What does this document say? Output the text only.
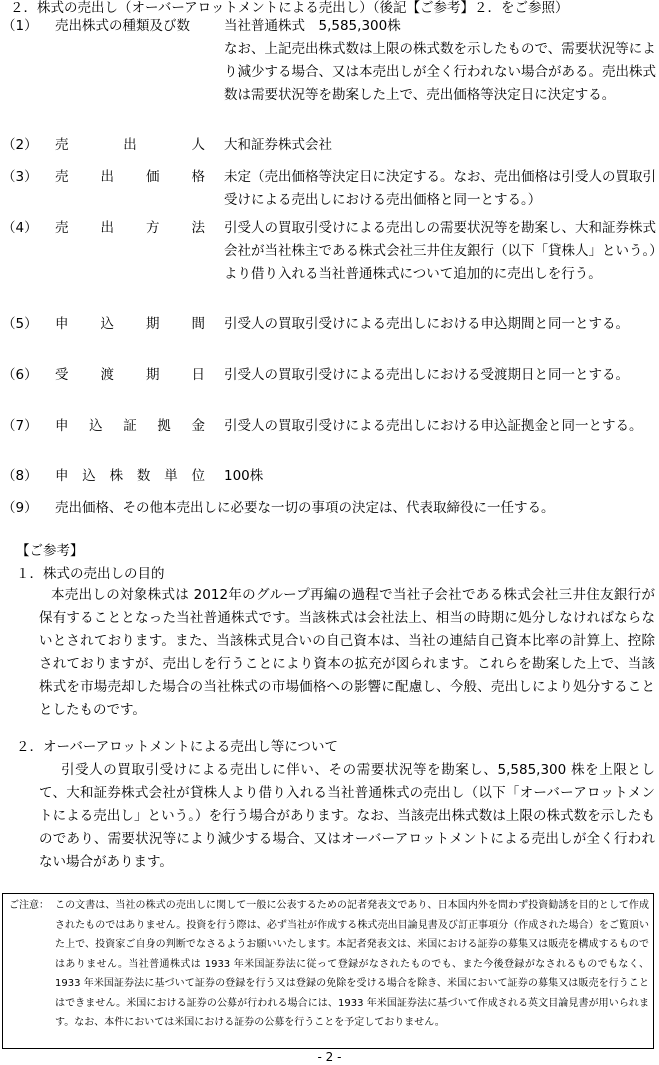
２．株式の売出し（オーバーアロットメントによる売出し）（後記【ご参考】２．をご参照）
（1） 売出株式の種類及び数	当社普通株式　5,585,300株
なお、上記売出株式数は上限の株式数を示したもので、需要状況等により減少する場合、又は本売出しが全く行われない場合がある。売出株式数は需要状況等を勘案した上で、売出価格等決定日に決定する。
（2） 売	出	人 大和証券株式会社
（3） 売 出 価 格 未定（売出価格等決定日に決定する。なお、売出価格は引受人の買取引受けによる売出しにおける売出価格と同一とする。）
（4） 売 出 方 法 引受人の買取引受けによる売出しの需要状況等を勘案し、大和証券株式会社が当社株主である株式会社三井住友銀行（以下「貸株人」という。）より借り入れる当社普通株式について追加的に売出しを行う。
（5） 申 込 期 間 引受人の買取引受けによる売出しにおける申込期間と同一とする。
（6） 受 渡 期 日 引受人の買取引受けによる売出しにおける受渡期日と同一とする。
（7） 申 込 証 拠 金 引受人の買取引受けによる売出しにおける申込証拠金と同一とする。
（8） 申 込 株 数 単 位 100株
（9） 売出価格、その他本売出しに必要な一切の事項の決定は、代表取締役に一任する。
【ご参考】
１．株式の売出しの目的
本売出しの対象株式は 2012年のグループ再編の過程で当社子会社である株式会社三井住友銀行が保有することとなった当社普通株式です。当該株式は会社法上、相当の時期に処分しなければならないとされております。また、当該株式見合いの自己資本は、当社の連結自己資本比率の計算上、控除されておりますが、売出しを行うことにより資本の拡充が図られます。これらを勘案した上で、当該株式を市場売却した場合の当社株式の市場価格への影響に配慮し、今般、売出しにより処分することとしたものです。
２．オーバーアロットメントによる売出し等について
引受人の買取引受けによる売出しに伴い、その需要状況等を勘案し、5,585,300 株を上限として、大和証券株式会社が貸株人より借り入れる当社普通株式の売出し（以下「オーバーアロットメントによる売出し」という。）を行う場合があります。なお、当該売出株式数は上限の株式数を示したものであり、需要状況等により減少する場合、又はオーバーアロットメントによる売出しが全く行われない場合があります。
ご注意： この文書は、当社の株式の売出しに関して一般に公表するための記者発表文であり、日本国内外を問わず投資勧誘を目的として作成されたものではありません。投資を行う際は、必ず当社が作成する株式売出目論見書及び訂正事項分（作成された場合）をご覧頂いた上で、投資家ご自身の判断でなさるようお願いいたします。本記者発表文は、米国における証券の募集又は販売を構成するものではありません。当社普通株式は 1933 年米国証券法に従って登録がなされたものでも、また今後登録がなされるものでもなく、1933 年米国証券法に基づいて証券の登録を行う又は登録の免除を受ける場合を除き、米国において証券の募集又は販売を行うことはできません。米国における証券の公募が行われる場合には、1933 年米国証券法に基づいて作成される英文目論見書が用いられます。なお、本件においては米国における証券の公募を行うことを予定しておりません。
- 2 -
